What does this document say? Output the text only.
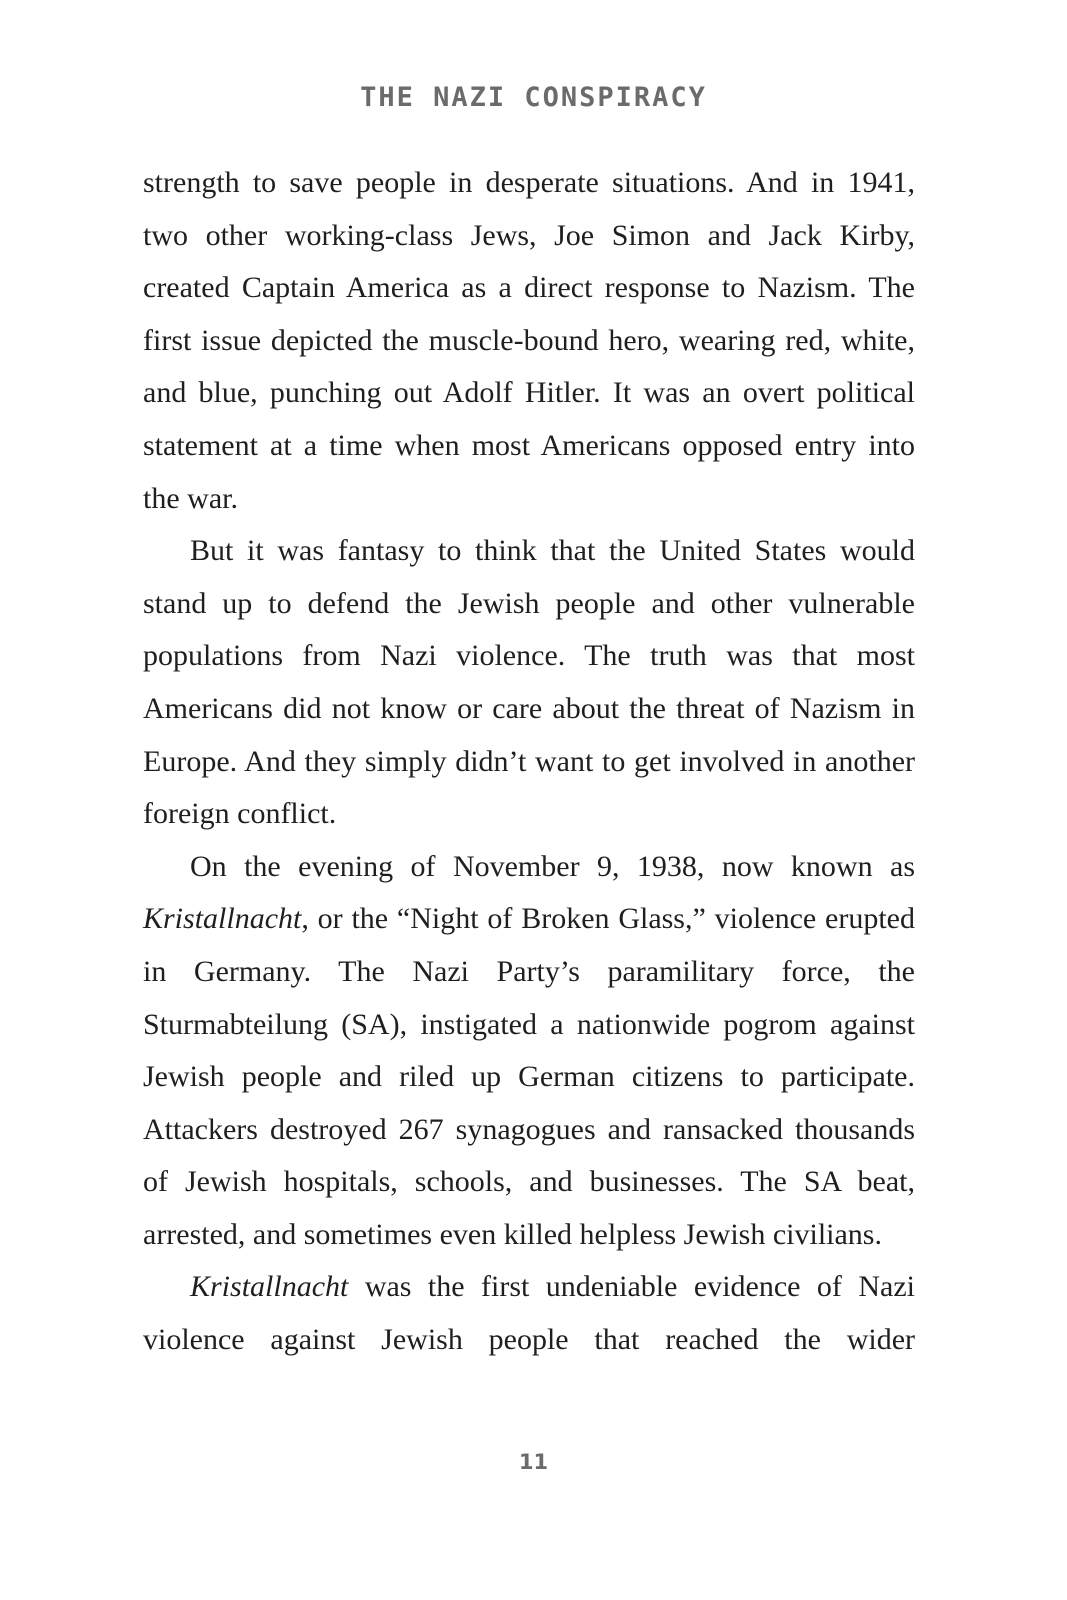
THE NAZI CONSPIRACY

strength to save people in desperate situations. And in 1941, two other working-class Jews, Joe Simon and Jack Kirby, created Captain America as a direct response to Nazism. The first issue depicted the muscle-bound hero, wearing red, white, and blue, punching out Adolf Hitler. It was an overt political statement at a time when most Americans opposed entry into the war.

But it was fantasy to think that the United States would stand up to defend the Jewish people and other vulnerable populations from Nazi violence. The truth was that most Americans did not know or care about the threat of Nazism in Europe. And they simply didn’t want to get involved in another foreign conflict.

On the evening of November 9, 1938, now known as Kristallnacht, or the “Night of Broken Glass,” violence erupted in Germany. The Nazi Party’s paramilitary force, the Sturmabteilung (SA), instigated a nationwide pogrom against Jewish people and riled up German citizens to participate. Attackers destroyed 267 synagogues and ransacked thousands of Jewish hospitals, schools, and businesses. The SA beat, arrested, and sometimes even killed helpless Jewish civilians.

Kristallnacht was the first undeniable evidence of Nazi violence against Jewish people that reached the wider

11
